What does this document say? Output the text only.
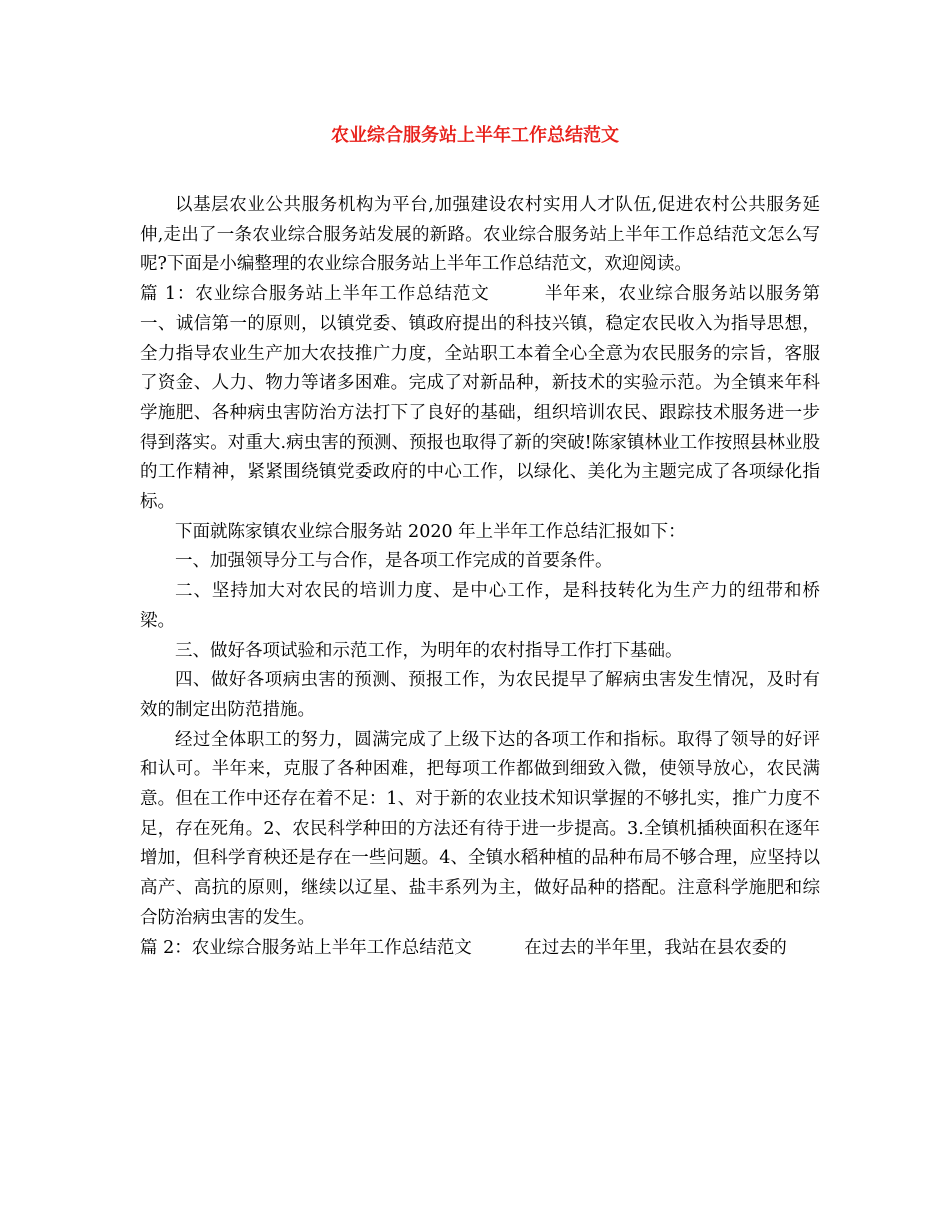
农业综合服务站上半年工作总结范文

以基层农业公共服务机构为平台,加强建设农村实用人才队伍,促进农村公共服务延伸,走出了一条农业综合服务站发展的新路。农业综合服务站上半年工作总结范文怎么写呢?下面是小编整理的农业综合服务站上半年工作总结范文，欢迎阅读。

篇 1：农业综合服务站上半年工作总结范文　　　半年来，农业综合服务站以服务第一、诚信第一的原则，以镇党委、镇政府提出的科技兴镇，稳定农民收入为指导思想，全力指导农业生产加大农技推广力度，全站职工本着全心全意为农民服务的宗旨，客服了资金、人力、物力等诸多困难。完成了对新品种，新技术的实验示范。为全镇来年科学施肥、各种病虫害防治方法打下了良好的基础，组织培训农民、跟踪技术服务进一步得到落实。对重大.病虫害的预测、预报也取得了新的突破!陈家镇林业工作按照县林业股的工作精神，紧紧围绕镇党委政府的中心工作，以绿化、美化为主题完成了各项绿化指标。

下面就陈家镇农业综合服务站 2020 年上半年工作总结汇报如下：

一、加强领导分工与合作，是各项工作完成的首要条件。

二、坚持加大对农民的培训力度、是中心工作，是科技转化为生产力的纽带和桥梁。

三、做好各项试验和示范工作，为明年的农村指导工作打下基础。

四、做好各项病虫害的预测、预报工作，为农民提早了解病虫害发生情况，及时有效的制定出防范措施。

经过全体职工的努力，圆满完成了上级下达的各项工作和指标。取得了领导的好评和认可。半年来，克服了各种困难，把每项工作都做到细致入微，使领导放心，农民满意。但在工作中还存在着不足：1、对于新的农业技术知识掌握的不够扎实，推广力度不足，存在死角。2、农民科学种田的方法还有待于进一步提高。3.全镇机插秧面积在逐年增加，但科学育秧还是存在一些问题。4、全镇水稻种植的品种布局不够合理，应坚持以高产、高抗的原则，继续以辽星、盐丰系列为主，做好品种的搭配。注意科学施肥和综合防治病虫害的发生。

篇 2：农业综合服务站上半年工作总结范文　　　在过去的半年里，我站在县农委的
